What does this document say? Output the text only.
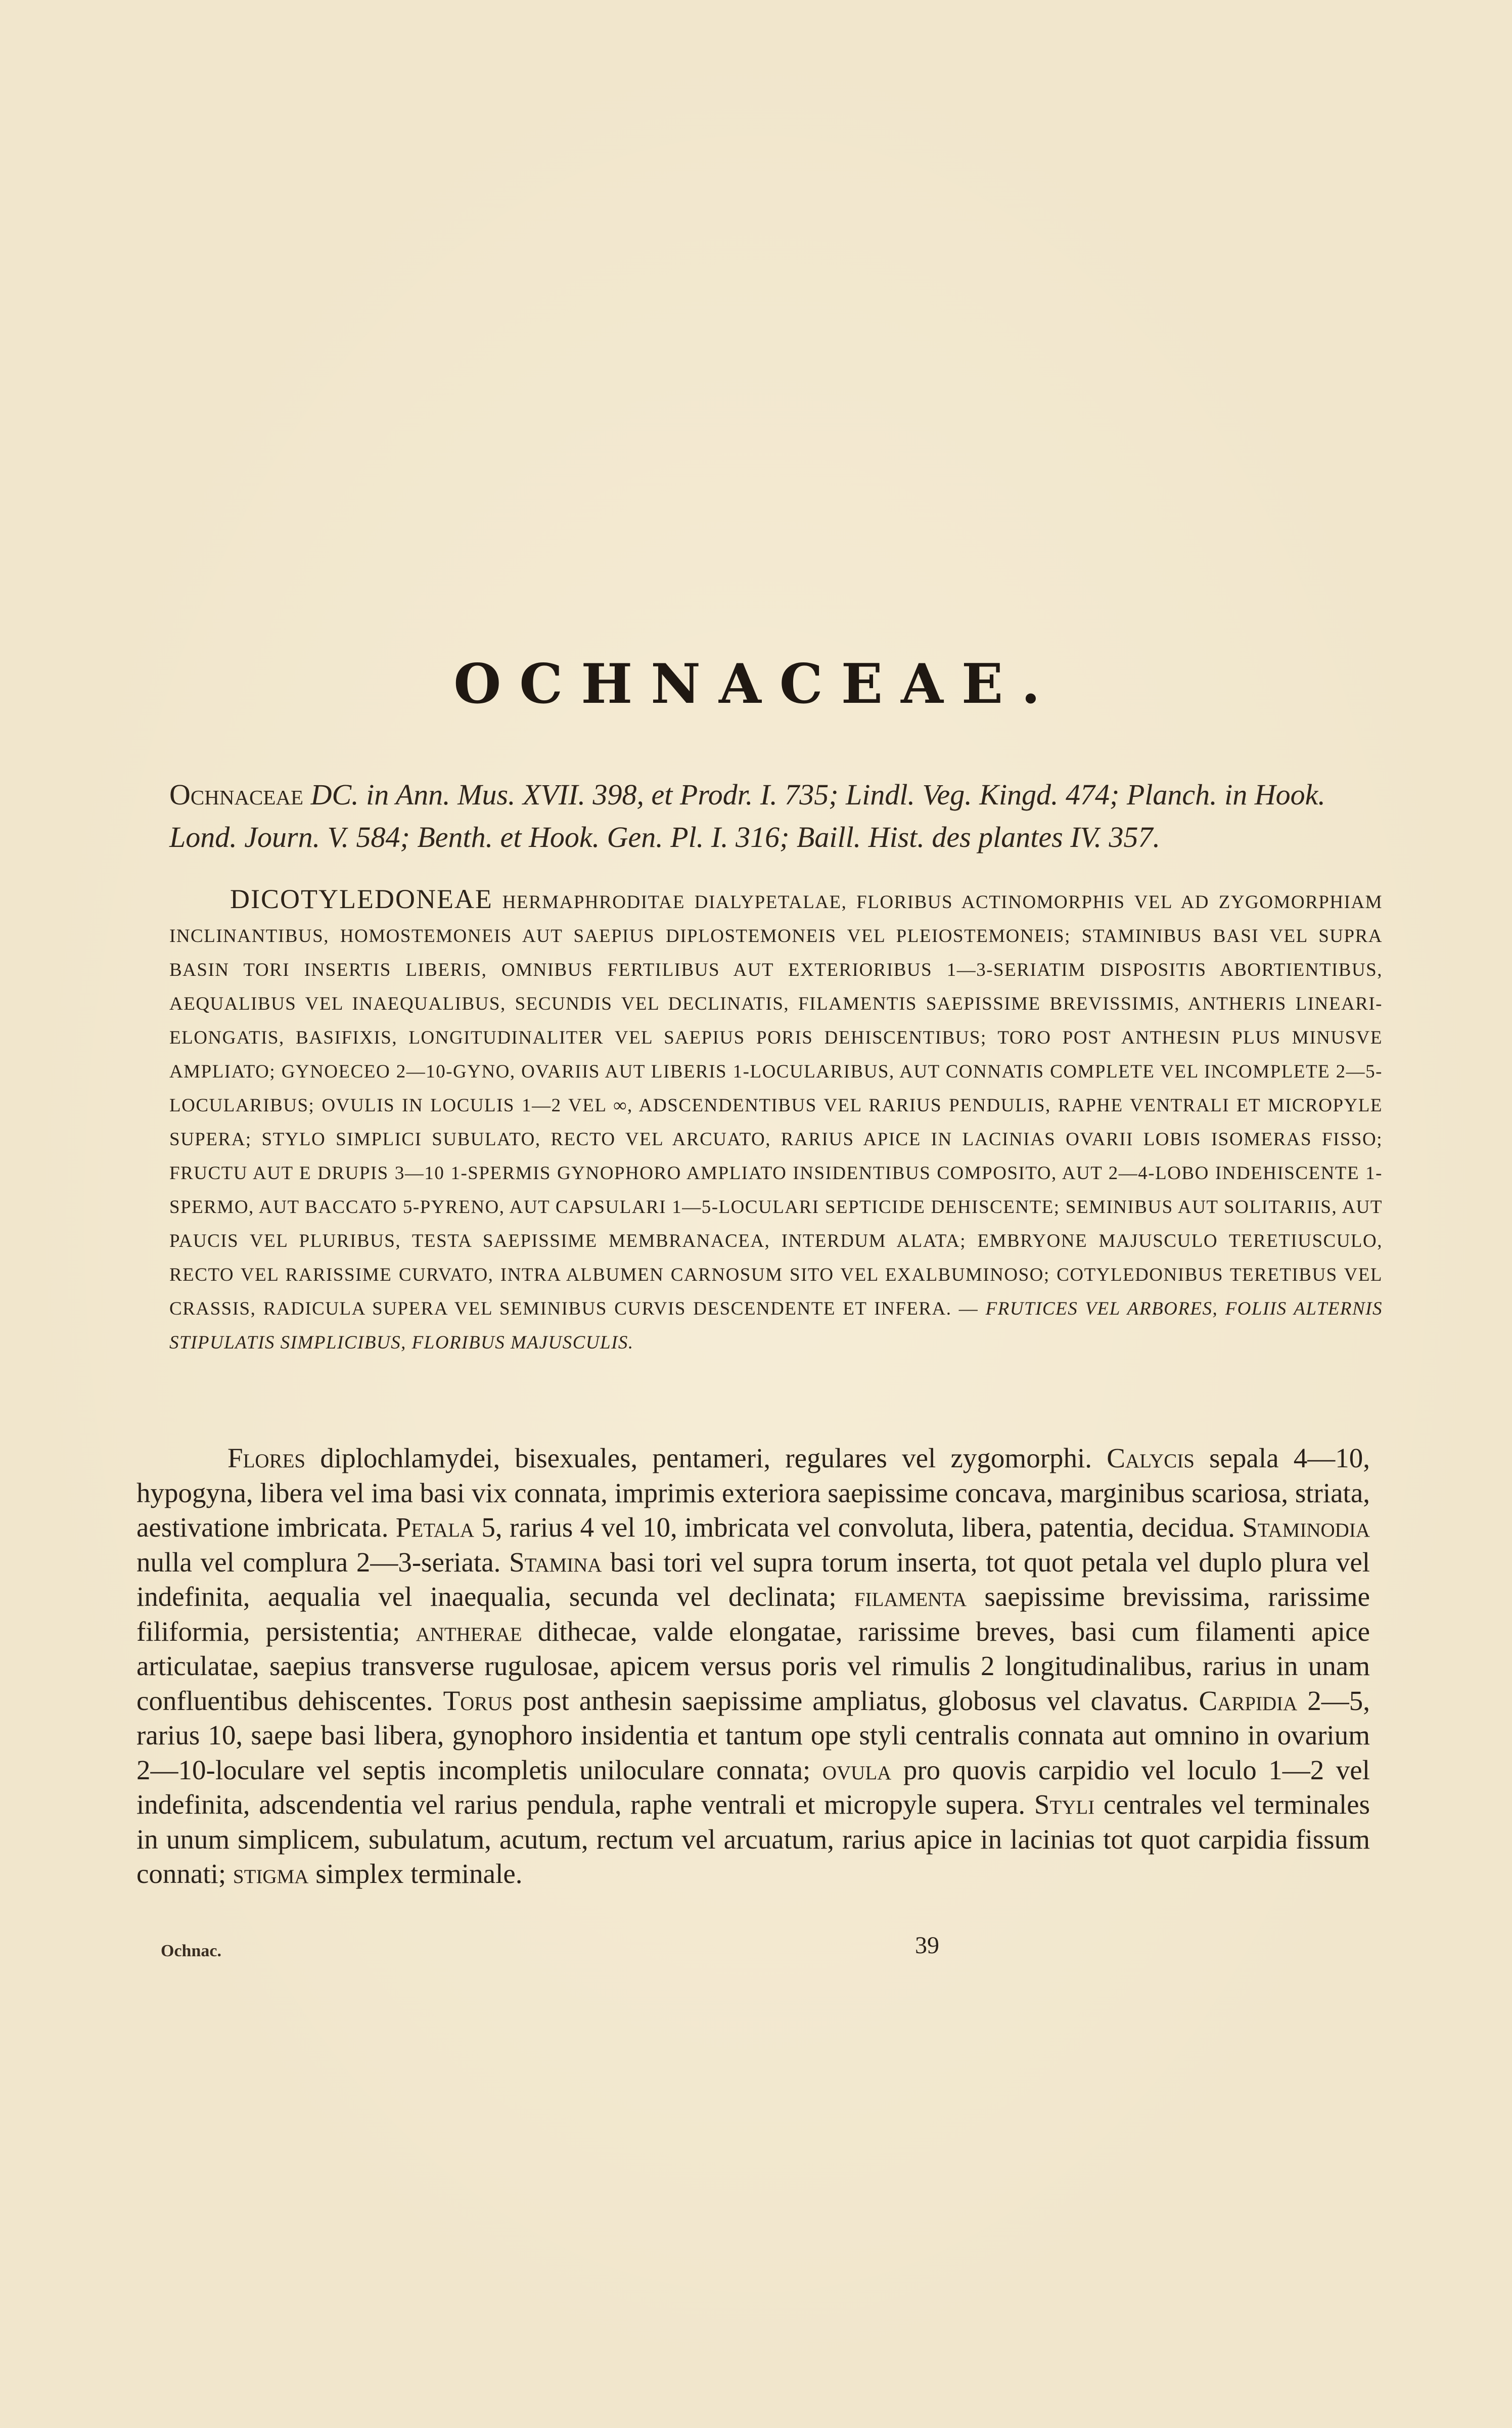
OCHNACEAE.
Ochnaceae DC. in Ann. Mus. XVII. 398, et Prodr. I. 735; Lindl. Veg. Kingd. 474; Planch. in Hook. Lond. Journ. V. 584; Benth. et Hook. Gen. Pl. I. 316; Baill. Hist. des plantes IV. 357.
DICOTYLEDONEAE HERMAPHRODITAE DIALYPETALAE, FLORIBUS ACTINOMORPHIS VEL AD ZYGOMORPHIAM INCLINANTIBUS, HOMOSTEMONEIS AUT SAEPIUS DIPLOSTEMONEIS VEL PLEIOSTEMONEIS; STAMINIBUS BASI VEL SUPRA BASIN TORI INSERTIS LIBERIS, OMNIBUS FERTILIBUS AUT EXTERIORIBUS 1—3-SERIATIM DISPOSITIS ABORTIENTIBUS, AEQUALIBUS VEL INAEQUALIBUS, SECUNDIS VEL DECLINATIS, FILAMENTIS SAEPISSIME BREVISSIMIS, ANTHERIS LINEARI-ELONGATIS, BASIFIXIS, LONGITUDINALITER VEL SAEPIUS PORIS DEHISCENTIBUS; TORO POST ANTHESIN PLUS MINUSVE AMPLIATO; GYNOECEO 2—10-GYNO, OVARIIS AUT LIBERIS 1-LOCULARIBUS, AUT CONNATIS COMPLETE VEL INCOMPLETE 2—5-LOCULARIBUS; OVULIS IN LOCULIS 1—2 VEL ∞, ADSCENDENTIBUS VEL RARIUS PENDULIS, RAPHE VENTRALI ET MICROPYLE SUPERA; STYLO SIMPLICI SUBULATO, RECTO VEL ARCUATO, RARIUS APICE IN LACINIAS OVARII LOBIS ISOMERAS FISSO; FRUCTU AUT E DRUPIS 3—10 1-SPERMIS GYNOPHORO AMPLIATO INSIDENTIBUS COMPOSITO, AUT 2—4-LOBO INDEHISCENTE 1-SPERMO, AUT BACCATO 5-PYRENO, AUT CAPSULARI 1—5-LOCULARI SEPTICIDE DEHISCENTE; SEMINIBUS AUT SOLITARIIS, AUT PAUCIS VEL PLURIBUS, TESTA SAEPISSIME MEMBRANACEA, INTERDUM ALATA; EMBRYONE MAJUSCULO TERETIUSCULO, RECTO VEL RARISSIME CURVATO, INTRA ALBUMEN CARNOSUM SITO VEL EXALBUMINOSO; COTYLEDONIBUS TERETIBUS VEL CRASSIS, RADICULA SUPERA VEL SEMINIBUS CURVIS DESCENDENTE ET INFERA. — FRUTICES VEL ARBORES, FOLIIS ALTERNIS STIPULATIS SIMPLICIBUS, FLORIBUS MAJUSCULIS.
Flores diplochlamydei, bisexuales, pentameri, regulares vel zygomorphi. Calycis sepala 4—10, hypogyna, libera vel ima basi vix connata, imprimis exteriora saepissime concava, marginibus scariosa, striata, aestivatione imbricata. Petala 5, rarius 4 vel 10, imbricata vel convoluta, libera, patentia, decidua. Staminodia nulla vel complura 2—3-seriata. Stamina basi tori vel supra torum inserta, tot quot petala vel duplo plura vel indefinita, aequalia vel inaequalia, secunda vel declinata; filamenta saepissime brevissima, rarissime filiformia, persistentia; antherae dithecae, valde elongatae, rarissime breves, basi cum filamenti apice articulatae, saepius transverse rugulosae, apicem versus poris vel rimulis 2 longitudinalibus, rarius in unam confluentibus dehiscentes. Torus post anthesin saepissime ampliatus, globosus vel clavatus. Carpidia 2—5, rarius 10, saepe basi libera, gynophoro insidentia et tantum ope styli centralis connata aut omnino in ovarium 2—10-loculare vel septis incompletis uniloculare connata; ovula pro quovis carpidio vel loculo 1—2 vel indefinita, adscendentia vel rarius pendula, raphe ventrali et micropyle supera. Styli centrales vel terminales in unum simplicem, subulatum, acutum, rectum vel arcuatum, rarius apice in lacinias tot quot carpidia fissum connati; stigma simplex terminale.
Ochnac.	39
